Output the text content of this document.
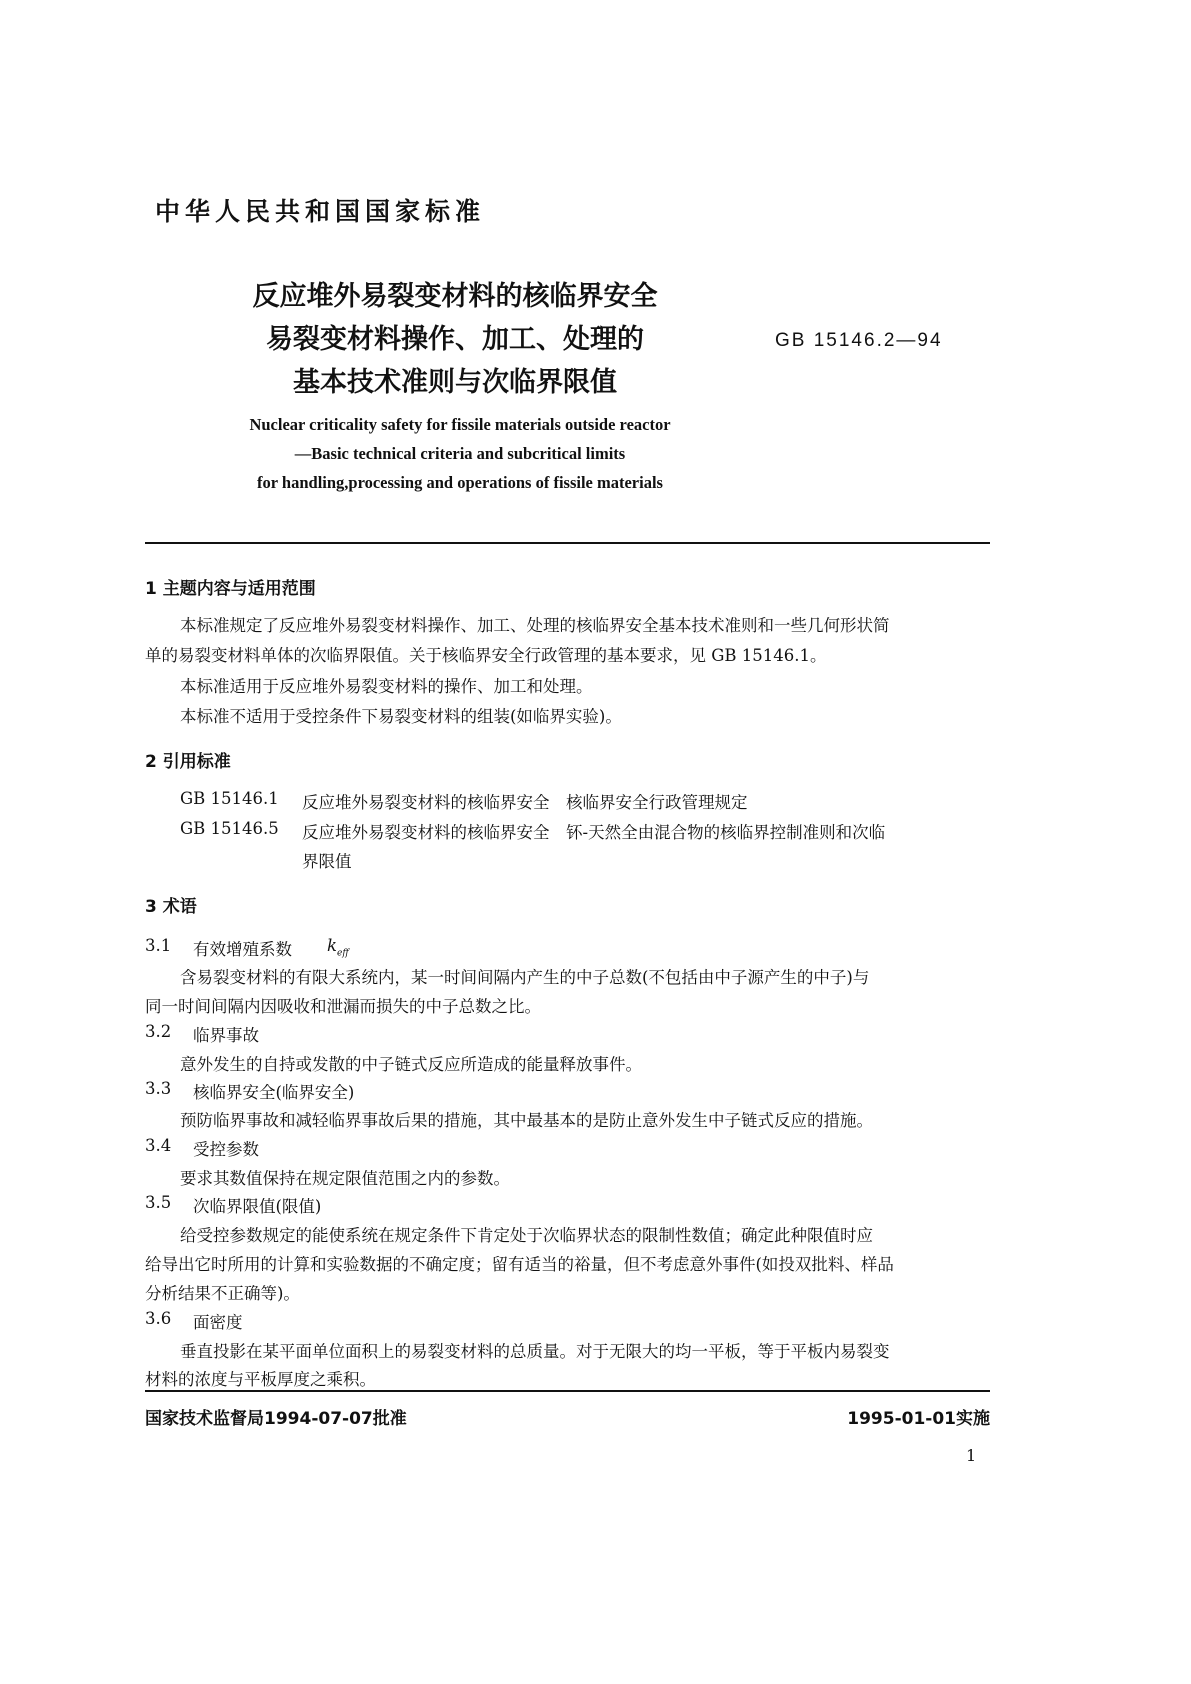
中华人民共和国国家标准
反应堆外易裂变材料的核临界安全
易裂变材料操作、加工、处理的
基本技术准则与次临界限值
GB 15146.2—94
Nuclear criticality safety for fissile materials outside reactor
—Basic technical criteria and subcritical limits
for handling,processing and operations of fissile materials
1 主题内容与适用范围
本标准规定了反应堆外易裂变材料操作、加工、处理的核临界安全基本技术准则和一些几何形状简
单的易裂变材料单体的次临界限值。关于核临界安全行政管理的基本要求，见 GB 15146.1。
本标准适用于反应堆外易裂变材料的操作、加工和处理。
本标准不适用于受控条件下易裂变材料的组装(如临界实验)。
2 引用标准
GB 15146.1 反应堆外易裂变材料的核临界安全　核临界安全行政管理规定
GB 15146.5 反应堆外易裂变材料的核临界安全　钚-天然全由混合物的核临界控制准则和次临
界限值
3 术语
3.1 有效增殖系数 $k_{eff}$
含易裂变材料的有限大系统内，某一时间间隔内产生的中子总数(不包括由中子源产生的中子)与
同一时间间隔内因吸收和泄漏而损失的中子总数之比。
3.2 临界事故
意外发生的自持或发散的中子链式反应所造成的能量释放事件。
3.3 核临界安全(临界安全)
预防临界事故和减轻临界事故后果的措施，其中最基本的是防止意外发生中子链式反应的措施。
3.4 受控参数
要求其数值保持在规定限值范围之内的参数。
3.5 次临界限值(限值)
给受控参数规定的能使系统在规定条件下肯定处于次临界状态的限制性数值；确定此种限值时应
给导出它时所用的计算和实验数据的不确定度；留有适当的裕量，但不考虑意外事件(如投双批料、样品
分析结果不正确等)。
3.6 面密度
垂直投影在某平面单位面积上的易裂变材料的总质量。对于无限大的均一平板，等于平板内易裂变
材料的浓度与平板厚度之乘积。
国家技术监督局1994-07-07批准	1995-01-01实施
1
